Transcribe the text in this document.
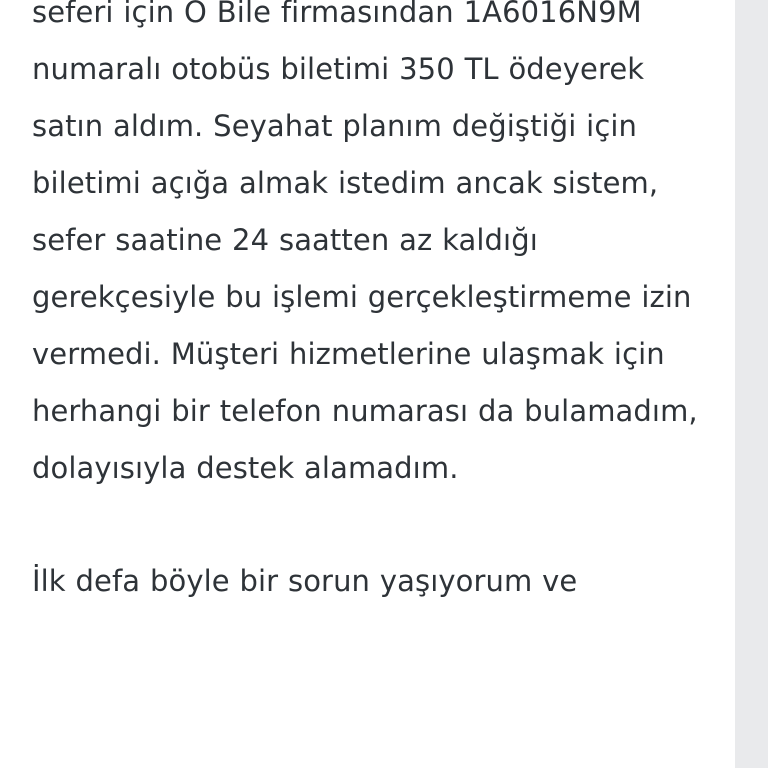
seferi için O Bile firmasından 1A6016N9M numaralı otobüs biletimi 350 TL ödeyerek satın aldım. Seyahat planım değiştiği için biletimi açığa almak istedim ancak sistem, sefer saatine 24 saatten az kaldığı gerekçesiyle bu işlemi gerçekleştirmeme izin vermedi. Müşteri hizmetlerine ulaşmak için herhangi bir telefon numarası da bulamadım, dolayısıyla destek alamadım.

İlk defa böyle bir sorun yaşıyorum ve
